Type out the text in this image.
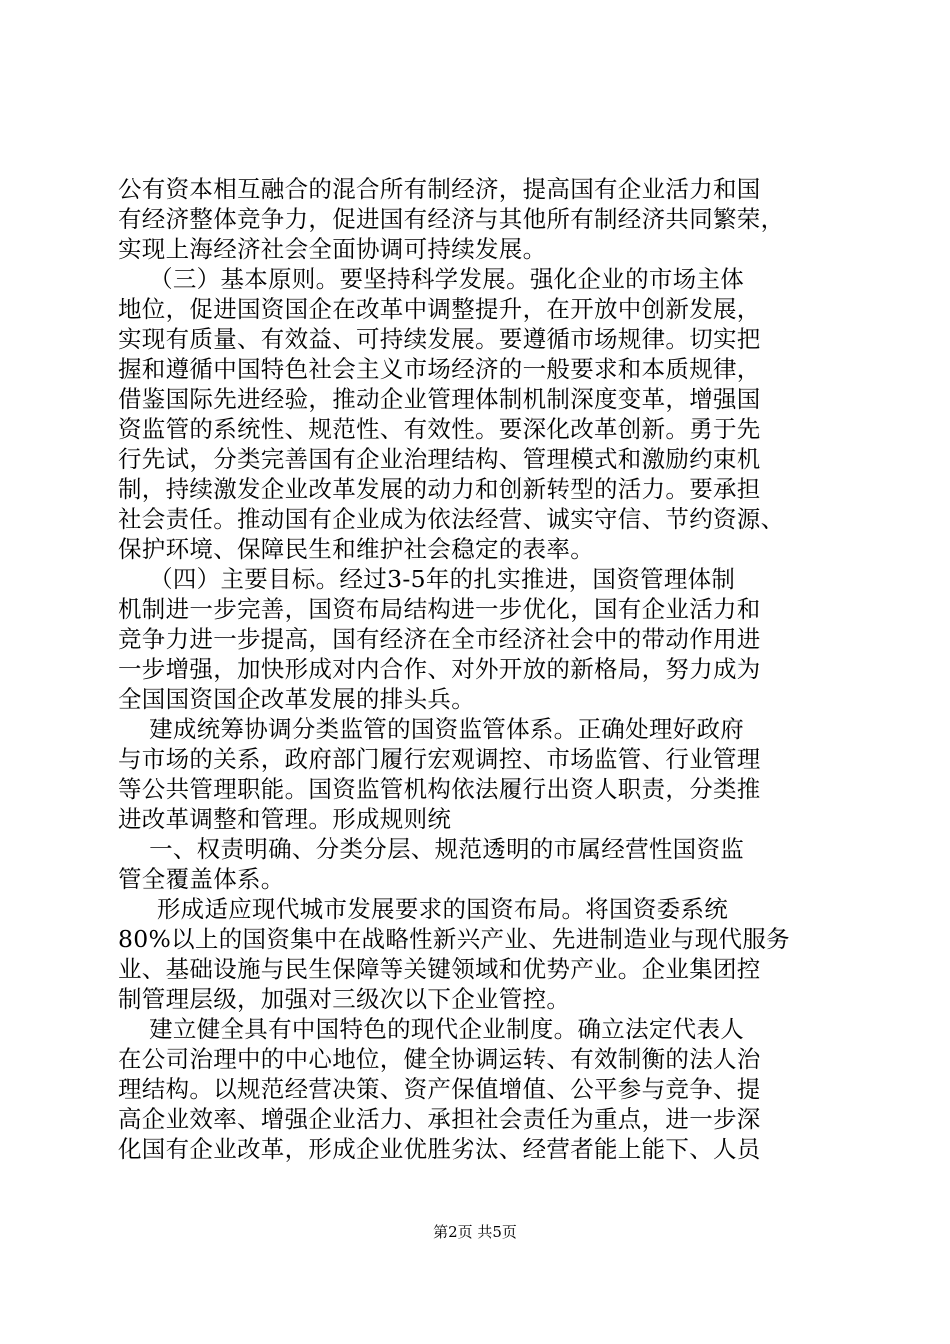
公有资本相互融合的混合所有制经济，提高国有企业活力和国
有经济整体竞争力，促进国有经济与其他所有制经济共同繁荣，
实现上海经济社会全面协调可持续发展。
（三）基本原则。要坚持科学发展。强化企业的市场主体
地位，促进国资国企在改革中调整提升，在开放中创新发展，
实现有质量、有效益、可持续发展。要遵循市场规律。切实把
握和遵循中国特色社会主义市场经济的一般要求和本质规律，
借鉴国际先进经验，推动企业管理体制机制深度变革，增强国
资监管的系统性、规范性、有效性。要深化改革创新。勇于先
行先试，分类完善国有企业治理结构、管理模式和激励约束机
制，持续激发企业改革发展的动力和创新转型的活力。要承担
社会责任。推动国有企业成为依法经营、诚实守信、节约资源、
保护环境、保障民生和维护社会稳定的表率。
（四）主要目标。经过3-5年的扎实推进，国资管理体制
机制进一步完善，国资布局结构进一步优化，国有企业活力和
竞争力进一步提高，国有经济在全市经济社会中的带动作用进
一步增强，加快形成对内合作、对外开放的新格局，努力成为
全国国资国企改革发展的排头兵。
建成统筹协调分类监管的国资监管体系。正确处理好政府
与市场的关系，政府部门履行宏观调控、市场监管、行业管理
等公共管理职能。国资监管机构依法履行出资人职责，分类推
进改革调整和管理。形成规则统
一、权责明确、分类分层、规范透明的市属经营性国资监
管全覆盖体系。
形成适应现代城市发展要求的国资布局。将国资委系统
80%以上的国资集中在战略性新兴产业、先进制造业与现代服务
业、基础设施与民生保障等关键领域和优势产业。企业集团控
制管理层级，加强对三级次以下企业管控。
建立健全具有中国特色的现代企业制度。确立法定代表人
在公司治理中的中心地位，健全协调运转、有效制衡的法人治
理结构。以规范经营决策、资产保值增值、公平参与竞争、提
高企业效率、增强企业活力、承担社会责任为重点，进一步深
化国有企业改革，形成企业优胜劣汰、经营者能上能下、人员
第2页 共5页
